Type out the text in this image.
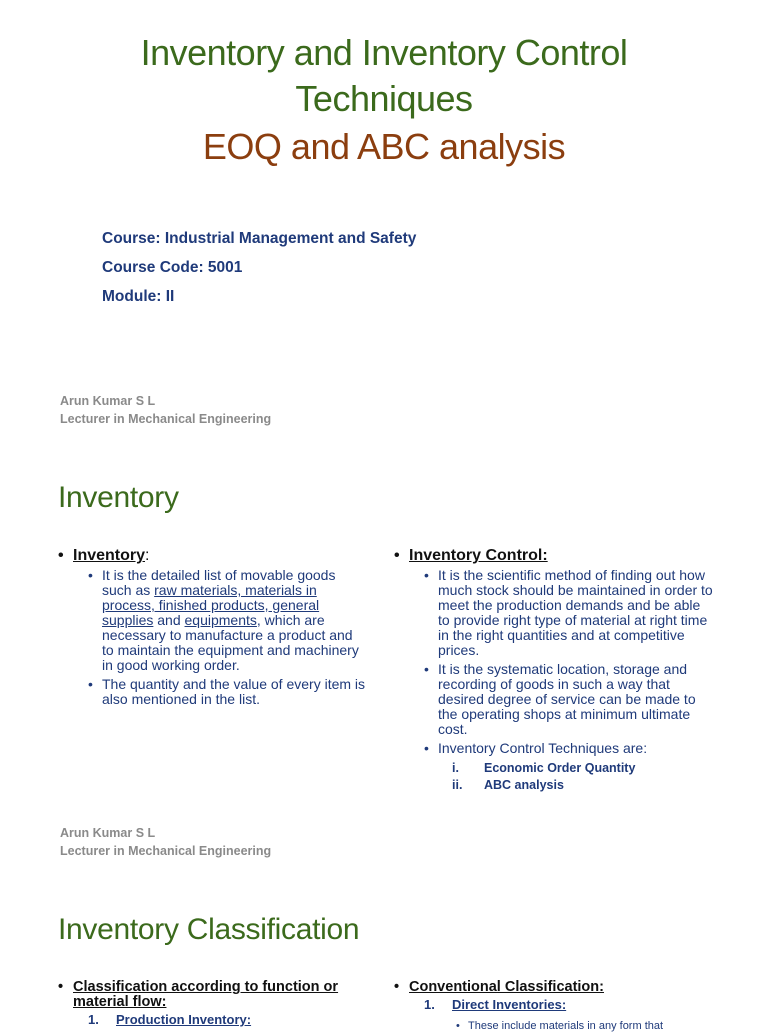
Inventory and Inventory Control
Techniques
EOQ and ABC analysis
Course: Industrial Management and Safety
Course Code: 5001
Module: II
Arun Kumar S L
Lecturer in Mechanical Engineering
Inventory
• Inventory:
• It is the detailed list of movable goods such as raw materials, materials in process, finished products, general supplies and equipments, which are necessary to manufacture a product and to maintain the equipment and machinery in good working order.
• The quantity and the value of every item is also mentioned in the list.
• Inventory Control:
• It is the scientific method of finding out how much stock should be maintained in order to meet the production demands and be able to provide right type of material at right time in the right quantities and at competitive prices.
• It is the systematic location, storage and recording of goods in such a way that desired degree of service can be made to the operating shops at minimum ultimate cost.
• Inventory Control Techniques are:
i. Economic Order Quantity
ii. ABC analysis
Arun Kumar S L
Lecturer in Mechanical Engineering
Inventory Classification
• Classification according to function or material flow:
1. Production Inventory:
• Conventional Classification:
1. Direct Inventories:
• These include materials in any form that
